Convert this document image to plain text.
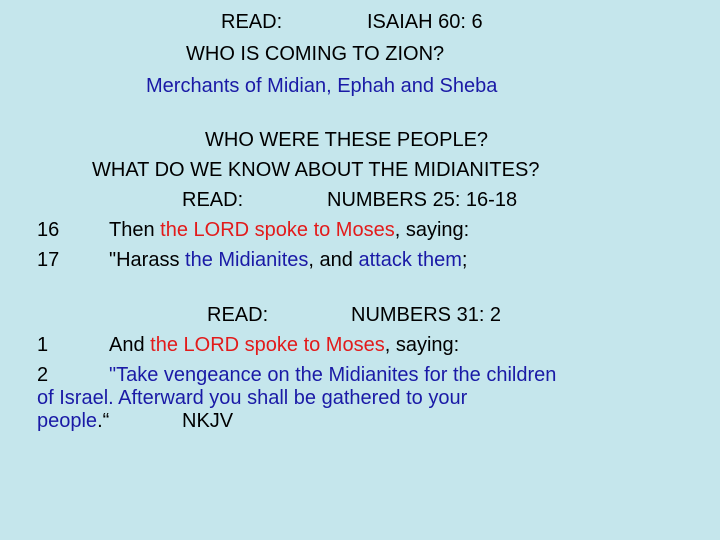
READ:	ISAIAH 60: 6
WHO IS COMING TO ZION?
Merchants of Midian, Ephah and Sheba
WHO WERE THESE PEOPLE?
WHAT DO WE KNOW ABOUT THE MIDIANITES?
READ:	NUMBERS 25: 16-18
16 Then the LORD spoke to Moses, saying:
17 "Harass the Midianites, and attack them;
READ:	NUMBERS 31: 2
1	And the LORD spoke to Moses, saying:
2	"Take vengeance on the Midianites for the children
of Israel. Afterward you shall be gathered to your
people.“	NKJV
